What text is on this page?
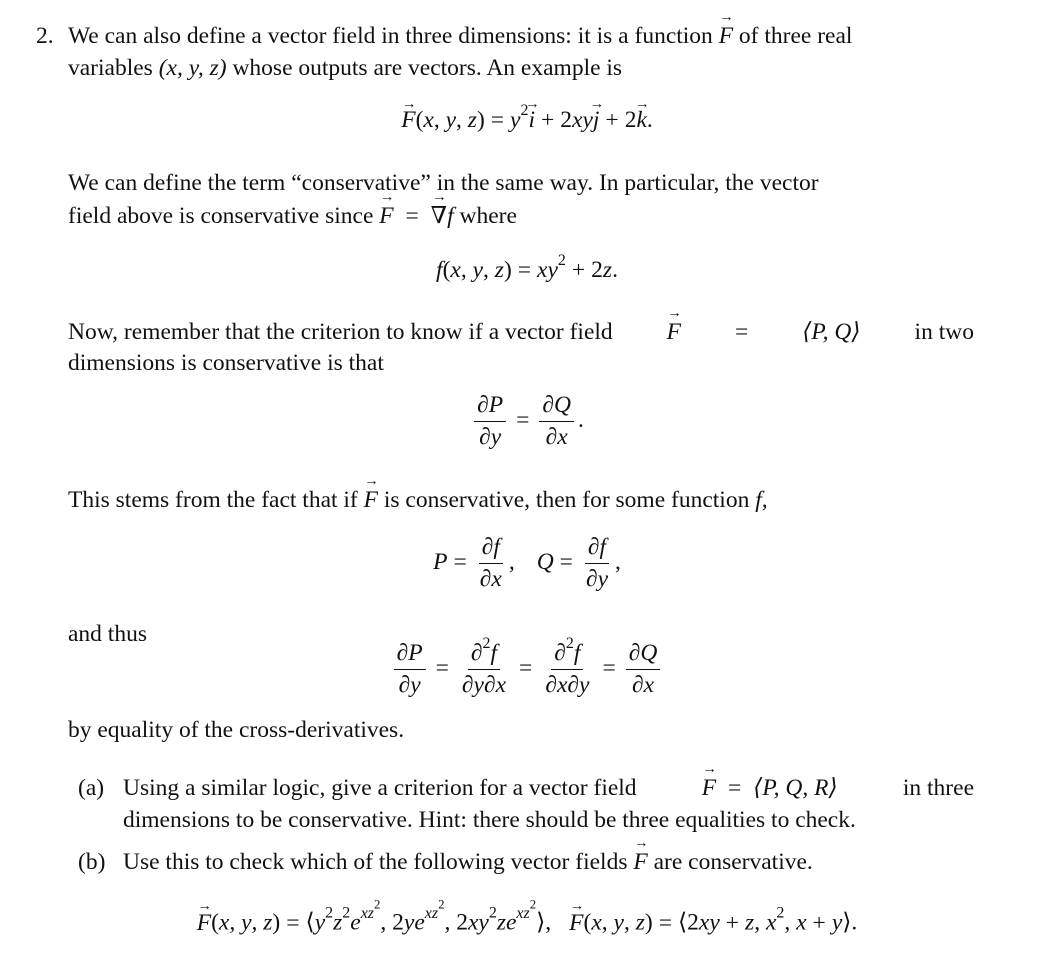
2. We can also define a vector field in three dimensions: it is a function → F of three real
variables (x, y, z) whose outputs are vectors. An example is
→ F(x, y, $z) = y^2\to i + 2xy\to j + 2\to k$.
We can define the term “conservative” in the same way. In particular, the vector
field above is conservative since → F = → ∇f where
f(x, y, $z) = xy^2 + 2z$.
Now, remember that the criterion to know if a vector field
→ F = ⟨P, Q⟩ in two
dimensions is conservative is that
$\frac{\partial P}{\partial y} = \frac{\partial Q}{\partial x}$ .
This stems from the fact that if → F is conservative, then for some function f,
$P = \frac{\partial f}{\partial x}$ , $Q = \frac{\partial f}{\partial y}$ ,
and thus
$\frac{\partial P}{\partial y} = \frac{\partial^2f}{\partial y\partial x} = \frac{\partial^2f}{\partial x\partial y} = \frac{\partial Q}{\partial x}$
by equality of the cross-derivatives.
(a) Using a similar logic, give a criterion for a vector field
→	F = ⟨P, Q, R⟩	in three
dimensions to be conservative. Hint: there should be three equalities to check.
(b) Use this to check which of the following vector fields → F are conservative.
→ F(x, y, $z) = ⟨y^2z^2e^{xz^2}$, $2ye^{xz^2}$, $2xy^2ze^{xz^2}⟩,\to F(x$, y, z) = ⟨2xy + z, $x^2$, x + y⟩.
